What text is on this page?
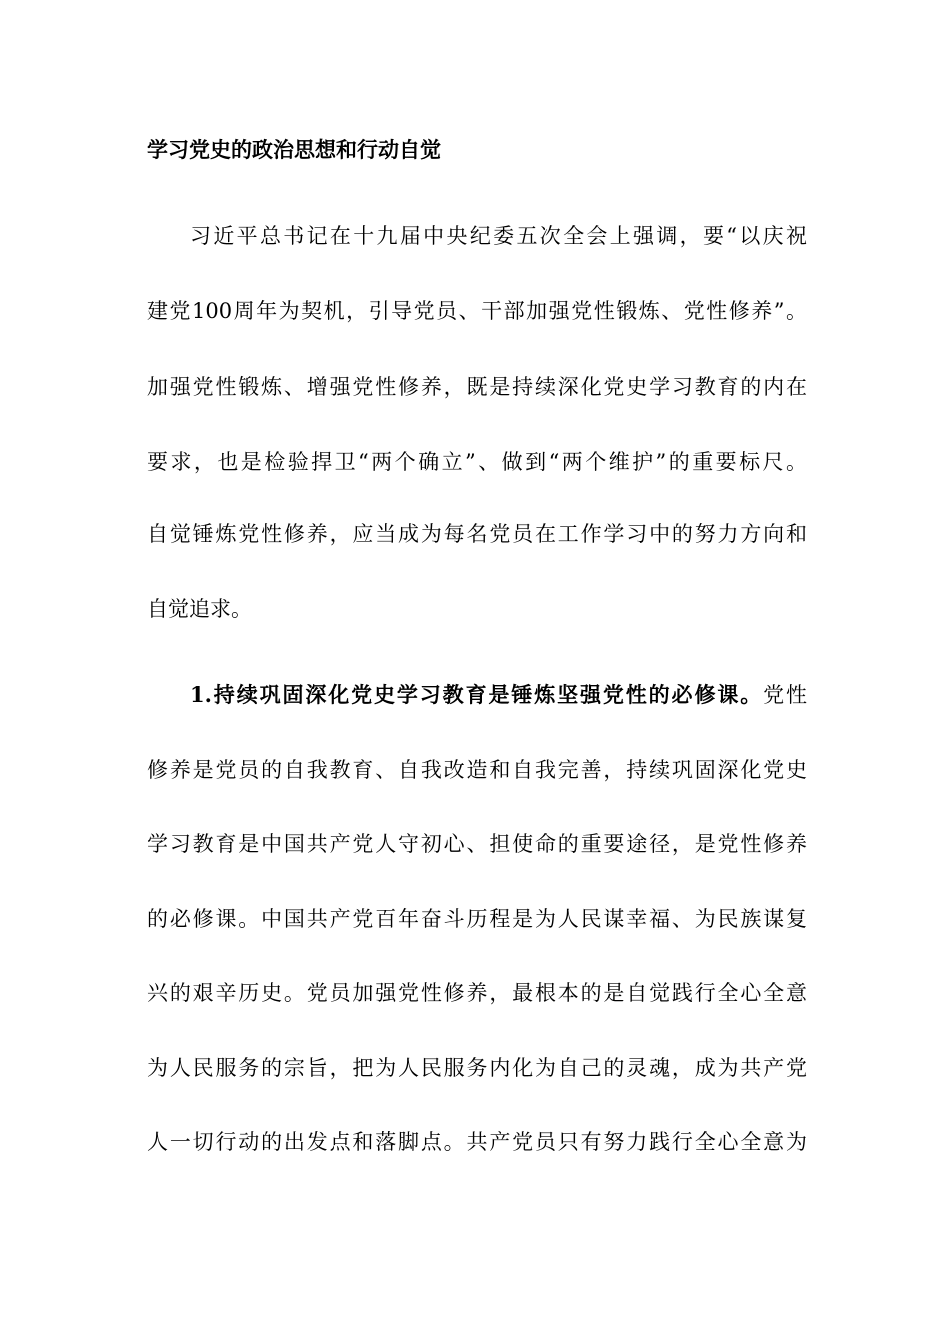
学习党史的政治思想和行动自觉
习近平总书记在十九届中央纪委五次全会上强调，要“以庆祝
建党100周年为契机，引导党员、干部加强党性锻炼、党性修养”。
加强党性锻炼、增强党性修养，既是持续深化党史学习教育的内在
要求，也是检验捍卫“两个确立”、做到“两个维护”的重要标尺。
自觉锤炼党性修养，应当成为每名党员在工作学习中的努力方向和
自觉追求。
1.持续巩固深化党史学习教育是锤炼坚强党性的必修课。党性
修养是党员的自我教育、自我改造和自我完善，持续巩固深化党史
学习教育是中国共产党人守初心、担使命的重要途径，是党性修养
的必修课。中国共产党百年奋斗历程是为人民谋幸福、为民族谋复
兴的艰辛历史。党员加强党性修养，最根本的是自觉践行全心全意
为人民服务的宗旨，把为人民服务内化为自己的灵魂，成为共产党
人一切行动的出发点和落脚点。共产党员只有努力践行全心全意为
